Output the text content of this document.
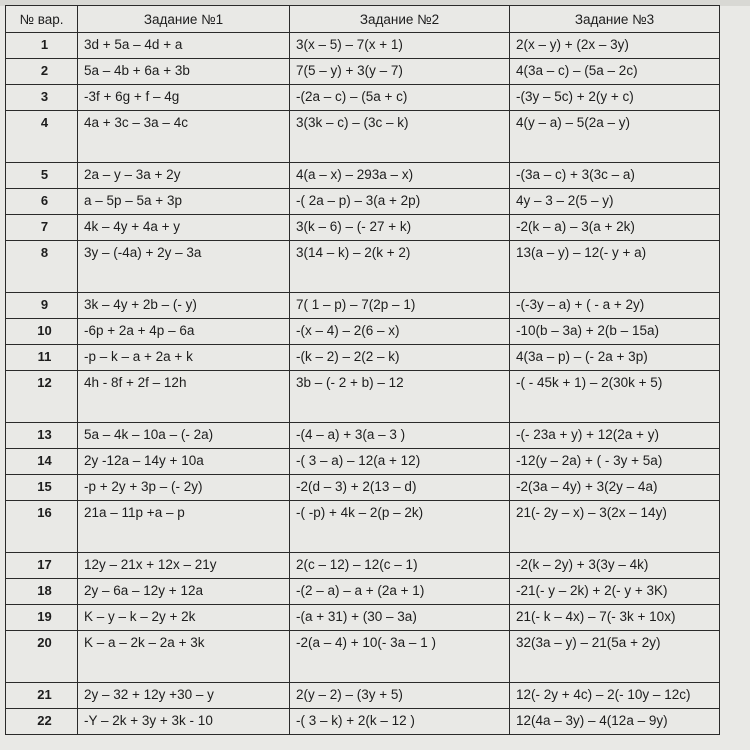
№ вар.	Задание №1	Задание №2	Задание №3

1	3d + 5a – 4d + a	3(x – 5) – 7(x + 1)	2(x – y) + (2x – 3y)

2	5a – 4b + 6a + 3b	7(5 – y) + 3(y – 7)	4(3a – c) – (5a – 2c)

3	-3f + 6g + f – 4g	-(2a – c) – (5a + c)	-(3y – 5c) + 2(y + c)

4	4a + 3c – 3a – 4c	3(3k – c) – (3c – k)	4(y – a) – 5(2a – y)

5	2a – y – 3a + 2y	4(a – x) – 293a – x)	-(3a – c) + 3(3c – a)

6	a – 5p – 5a + 3p	-( 2a – p) – 3(a + 2p)	4y – 3 – 2(5 – y)

7	4k – 4y + 4a + y	3(k – 6) – (- 27 + k)	-2(k – a) – 3(a + 2k)

8	3y – (-4a) + 2y – 3a	3(14 – k) – 2(k + 2)	13(a – y) – 12(- y + a)

9	3k – 4y + 2b – (- y)	7( 1 – p) – 7(2p – 1)	-(-3y – a) + ( - a + 2y)

10	-6p + 2a + 4p – 6a	-(x – 4) – 2(6 – x)	-10(b – 3a) + 2(b – 15a)

11	-p – k – a + 2a + k	-(k – 2) – 2(2 – k)	4(3a – p) – (- 2a + 3p)

12	4h - 8f + 2f – 12h	3b – (- 2 + b) – 12	-( - 45k + 1) – 2(30k + 5)

13	5a – 4k – 10a – (- 2a)	-(4 – a) + 3(a – 3 )	-(- 23a + y) + 12(2a + y)

14	2y -12a – 14y + 10a	-( 3 – a) – 12(a + 12)	-12(y – 2a) + ( - 3y + 5a)

15	-p + 2y + 3p – (- 2y)	-2(d – 3) + 2(13 – d)	-2(3a – 4y) + 3(2y – 4a)

16	21a – 11p +a – p	-( -p) + 4k – 2(p – 2k)	21(- 2y – x) – 3(2x – 14y)

17	12y – 21x + 12x – 21y	2(c – 12) – 12(c – 1)	-2(k – 2y) + 3(3y – 4k)

18	2y – 6a – 12y + 12a	-(2 – a) – a + (2a + 1)	-21(- y – 2k) + 2(- y + 3K)

19	K – y – k – 2y + 2k	-(a + 31) + (30 – 3a)	21(- k – 4x) – 7(- 3k + 10x)

20	K – a – 2k – 2a + 3k	-2(a – 4) + 10(- 3a – 1 )	32(3a – y) – 21(5a + 2y)

21	2y – 32 + 12y +30 – y	2(y – 2) – (3y + 5)	12(- 2y + 4c) – 2(- 10y – 12c)

22	-Y – 2k + 3y + 3k - 10	-( 3 – k) + 2(k – 12 )	12(4a – 3y) – 4(12a – 9y)
